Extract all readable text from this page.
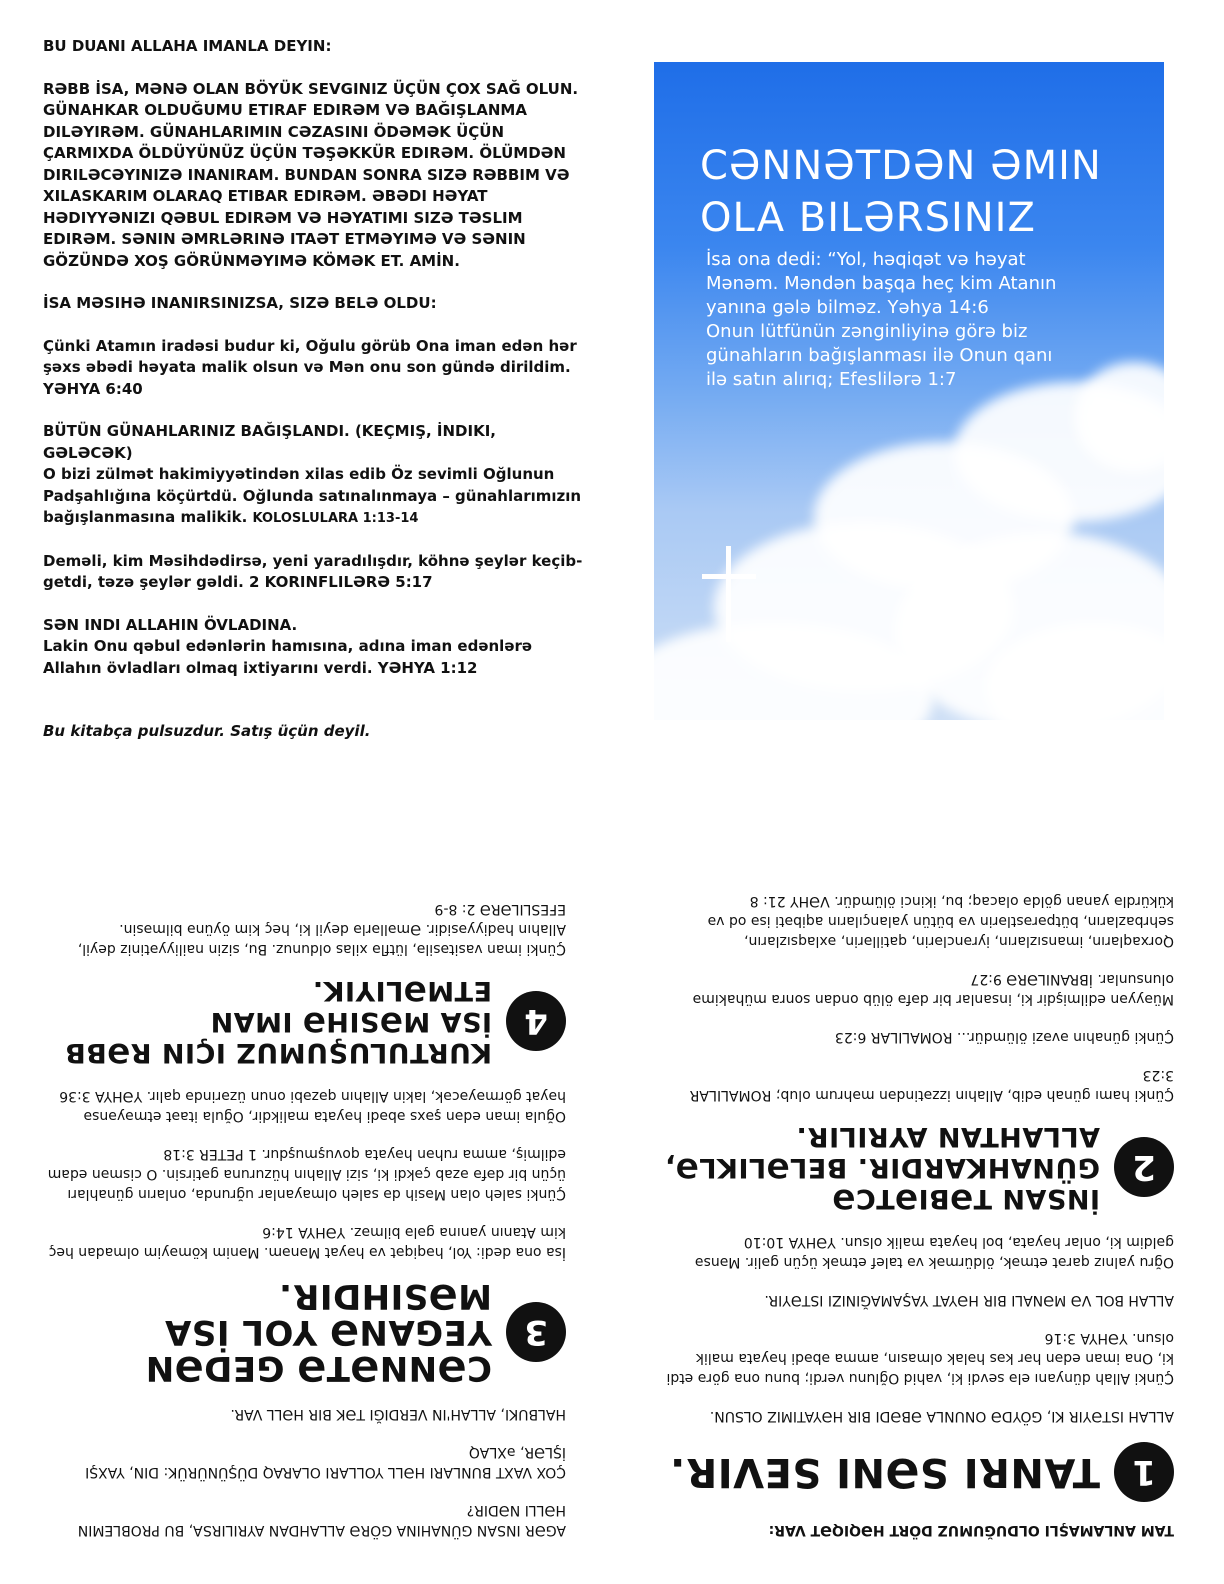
BU DUANI ALLAHA IMANLA DEYIN:

RƏBB İSA, MƏNƏ OLAN BÖYÜK SEVGINIZ ÜÇÜN ÇOX SAĞ OLUN. GÜNAHKAR OLDUĞUMU ETIRAF EDIRƏM VƏ BAĞIŞLANMA DILƏYIRƏM. GÜNAHLARIMIN CƏZASINI ÖDƏMƏK ÜÇÜN ÇARMIXDA ÖLDÜYÜNÜZ ÜÇÜN TƏŞƏKKÜR EDIRƏM. ÖLÜMDƏN DIRILƏCƏYINIZƏ INANIRAM. BUNDAN SONRA SIZƏ RƏBBIM VƏ XILASKARIM OLARAQ ETIBAR EDIRƏM. ƏBƏDI HƏYAT HƏDIYYƏNIZI QƏBUL EDIRƏM VƏ HƏYATIMI SIZƏ TƏSLIM EDIRƏM. SƏNIN ƏMRLƏRINƏ ITAƏT ETMƏYIMƏ VƏ SƏNIN GÖZÜNDƏ XOŞ GÖRÜNMƏYIMƏ KÖMƏK ET. AMİN.

İSA MƏSIHƏ INANIRSINIZSA, SIZƏ BELƏ OLDU:

Çünki Atamın iradəsi budur ki, Oğulu görüb Ona iman edən hər şəxs əbədi həyata malik olsun və Mən onu son gündə dirildim. YƏHYA 6:40

BÜTÜN GÜNAHLARINIZ BAĞIŞLANDI. (KEÇMIŞ, İNDIKI, GƏLƏCƏK)
O bizi zülmət hakimiyyətindən xilas edib Öz sevimli Oğlunun Padşahlığına köçürtdü. Oğlunda satınalınmaya – günahlarımızın bağışlanmasına malikik. KOLOSLULARA 1:13-14

Deməli, kim Məsihdədirsə, yeni yaradılışdır, köhnə şeylər keçib-getdi, təzə şeylər gəldi. 2 KORINFLILƏRƏ 5:17

SƏN INDI ALLAHIN ÖVLADINA.
Lakin Onu qəbul edənlərin hamısına, adına iman edənlərə Allahın övladları olmaq ixtiyarını verdi. YƏHYA 1:12

Bu kitabça pulsuzdur. Satış üçün deyil.

CƏNNƏTDƏN ƏMIN
OLA BILƏRSINIZ
İsa ona dedi: “Yol, həqiqət və həyat
Mənəm. Məndən başqa heç kim Atanın
yanına gələ bilməz. Yəhya 14:6
Onun lütfünün zənginliyinə görə biz
günahların bağışlanması ilə Onun qanı
ilə satın alırıq; Efeslilərə 1:7

AGƏR INSAN GÜNAHINA GÖRƏ ALLAHDAN AYRILIRSA, BU PROBLEMIN HƏLLI NƏDIR?

ÇOX VAXT BUNLARI HƏLL YOLLARI OLARAQ DÜŞÜNÜRÜK: DIN, YAXŞI İŞLƏR, əXLAQ

HALBUKI, ALLAH'IN VERDIĞI TƏK BIR HƏLL VAR.

3
CƏNNƏTƏ GEDƏN YEGANƏ YOL İSA MƏSIHDIR.

İsa ona dedi: Yol, həqiqət və həyat Mənəm. Mənim köməyim olmadan heç kim Atanın yanına gələ bilməz. YƏHYA 14:6

Çünki saleh olan Məsih də saleh olmayanlar uğrunda, onların günahları üçün bir dəfə əzab çəkdi ki, sizi Allahın hüzuruna gətirsin. O cismən edam edilmiş, amma ruhən həyata qovuşmuşdur. 1 PETER 3:18

Oğula iman edən şəxs əbədi həyata malikdir, Oğula itaət etməyənsə həyat görməyəcək, lakin Allahın qəzəbi onun üzərində qalır. YƏHYA 3:36

4
KURTULUŞUMUZ IÇIN RƏBB İSA MƏSIHƏ IMAN ETMƏLIYIK.

Çünki iman vasitəsilə, lütflə xilas oldunuz. Bu, sizin nailiyyətiniz deyil, Allahın hədiyyəsidir. Əməllərlə deyil ki, heç kim öyünə bilməsin. EFESLILƏRƏ 2: 8-9

TAM ANLAMAŞLI OLDUĞUMUZ DÖRT HƏQIQƏT VAR:

1
TANRI SƏNI SEVIR.

ALLAH ISTƏYIR KI, GÖYDƏ ONUNLA ƏBƏDI BIR HƏYATIMIZ OLSUN.

Çünki Allah dünyanı elə sevdi ki, vahid Oğlunu verdi; bunu ona görə etdi ki, Ona iman edən hər kəs həlak olmasın, amma əbədi həyata malik olsun. YƏHYA 3:16

ALLAH BOL VƏ MƏNALI BIR HƏYAT YAŞAMAĞINIZI ISTƏYIR.

Oğru yalnız qarət etmək, öldürmək və talef etmək üçün gəlir. Mənsə gəldim ki, onlar həyata, bol həyata malik olsun. YƏHYA 10:10

2
İNSAN TƏBIƏTCƏ GÜNAHKARDIR. BELƏLIKLƏ, ALLAHTAN AYRILIR.

Çünki hamı günah edib, Allahın izzətindən məhrum olub; ROMALILAR 3:23

Çünki günahın əvəzi ölümdür... ROMALILAR 6:23

Müəyyən edilmişdir ki, insanlar bir dəfə ölüb ondan sonra mühakimə olunsunlar. İBRANILƏRƏ 9:27

Qorxaqların, imansızların, iyrənclərin, qatillərin, əxlaqsızların, sehrbazların, bütpərəstlərin və bütün yalançıların aqibəti isə od və kükürdlə yanan göldə olacaq; bu, ikinci ölümdür. VƏHY 21: 8
